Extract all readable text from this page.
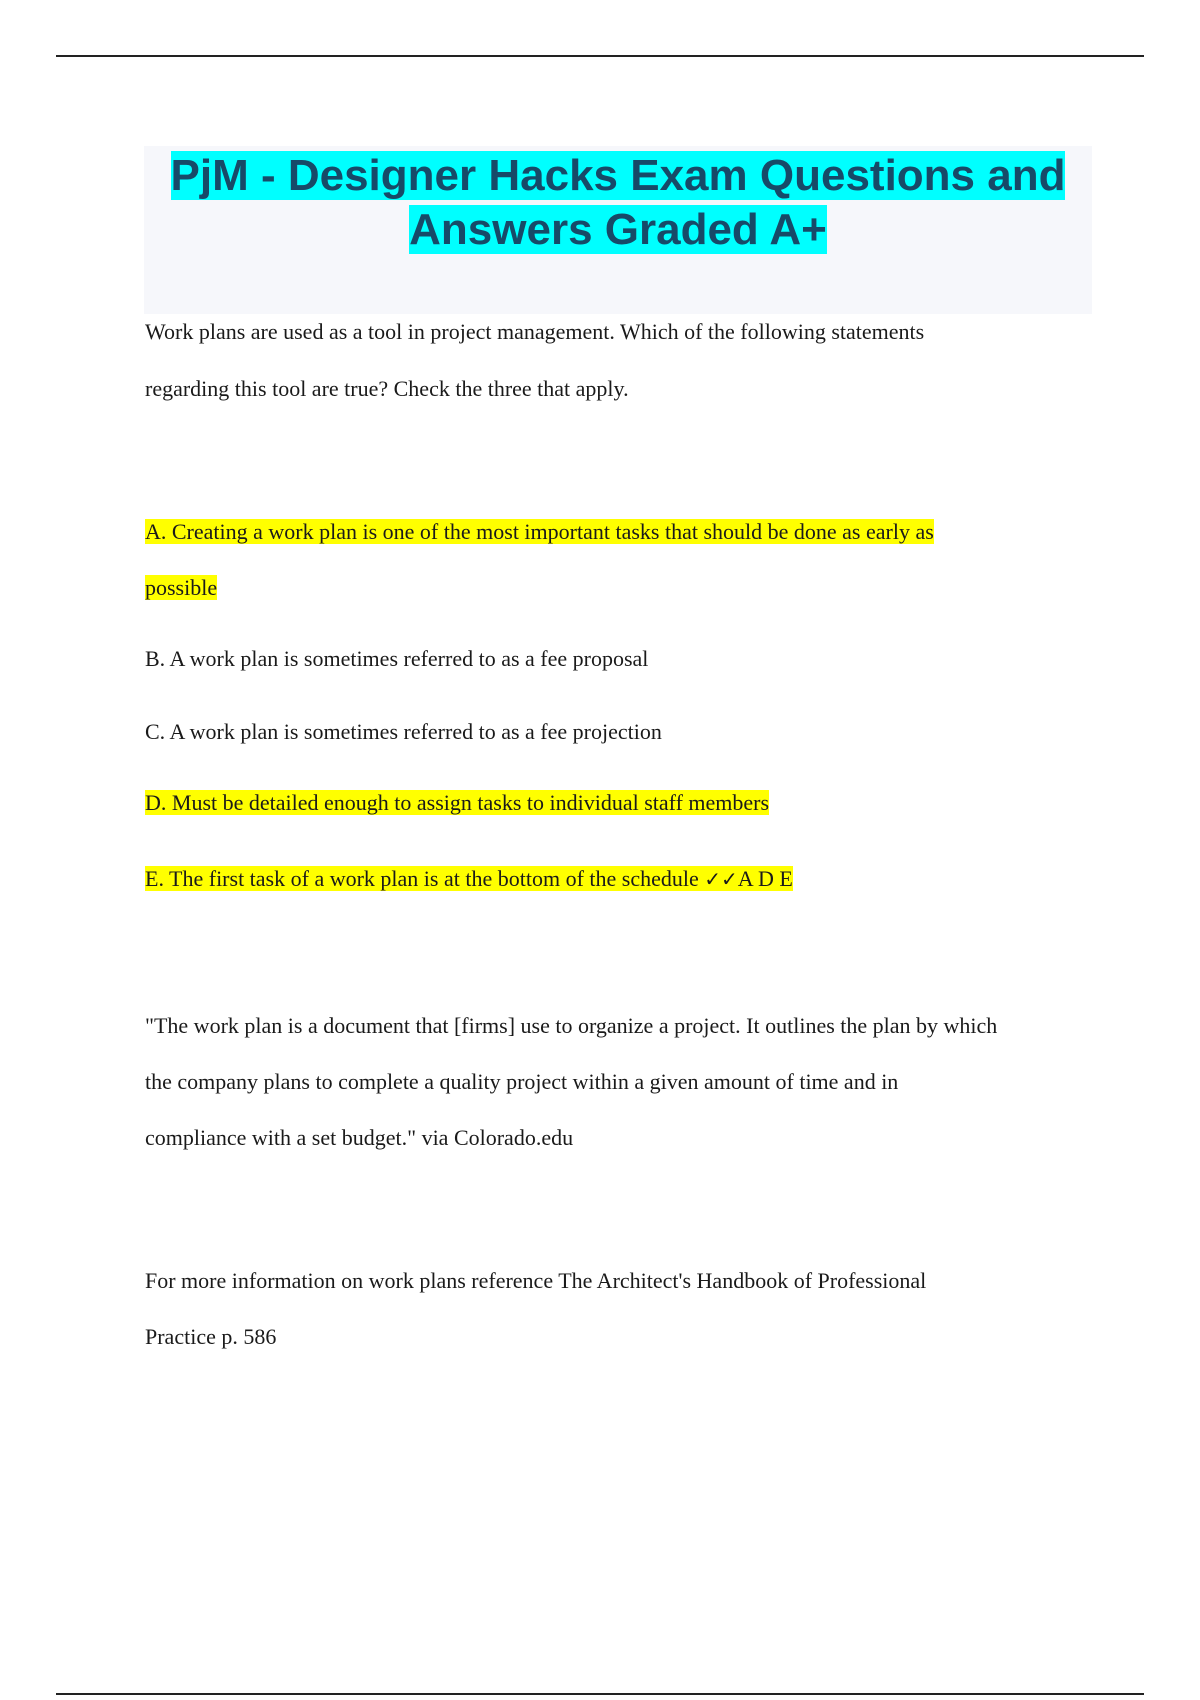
PjM - Designer Hacks Exam Questions and Answers Graded A+

Work plans are used as a tool in project management. Which of the following statements

regarding this tool are true? Check the three that apply.

A. Creating a work plan is one of the most important tasks that should be done as early as

possible

B. A work plan is sometimes referred to as a fee proposal

C. A work plan is sometimes referred to as a fee projection

D. Must be detailed enough to assign tasks to individual staff members

E. The first task of a work plan is at the bottom of the schedule ✓✓A D E

"The work plan is a document that [firms] use to organize a project. It outlines the plan by which

the company plans to complete a quality project within a given amount of time and in

compliance with a set budget." via Colorado.edu

For more information on work plans reference The Architect's Handbook of Professional

Practice p. 586
